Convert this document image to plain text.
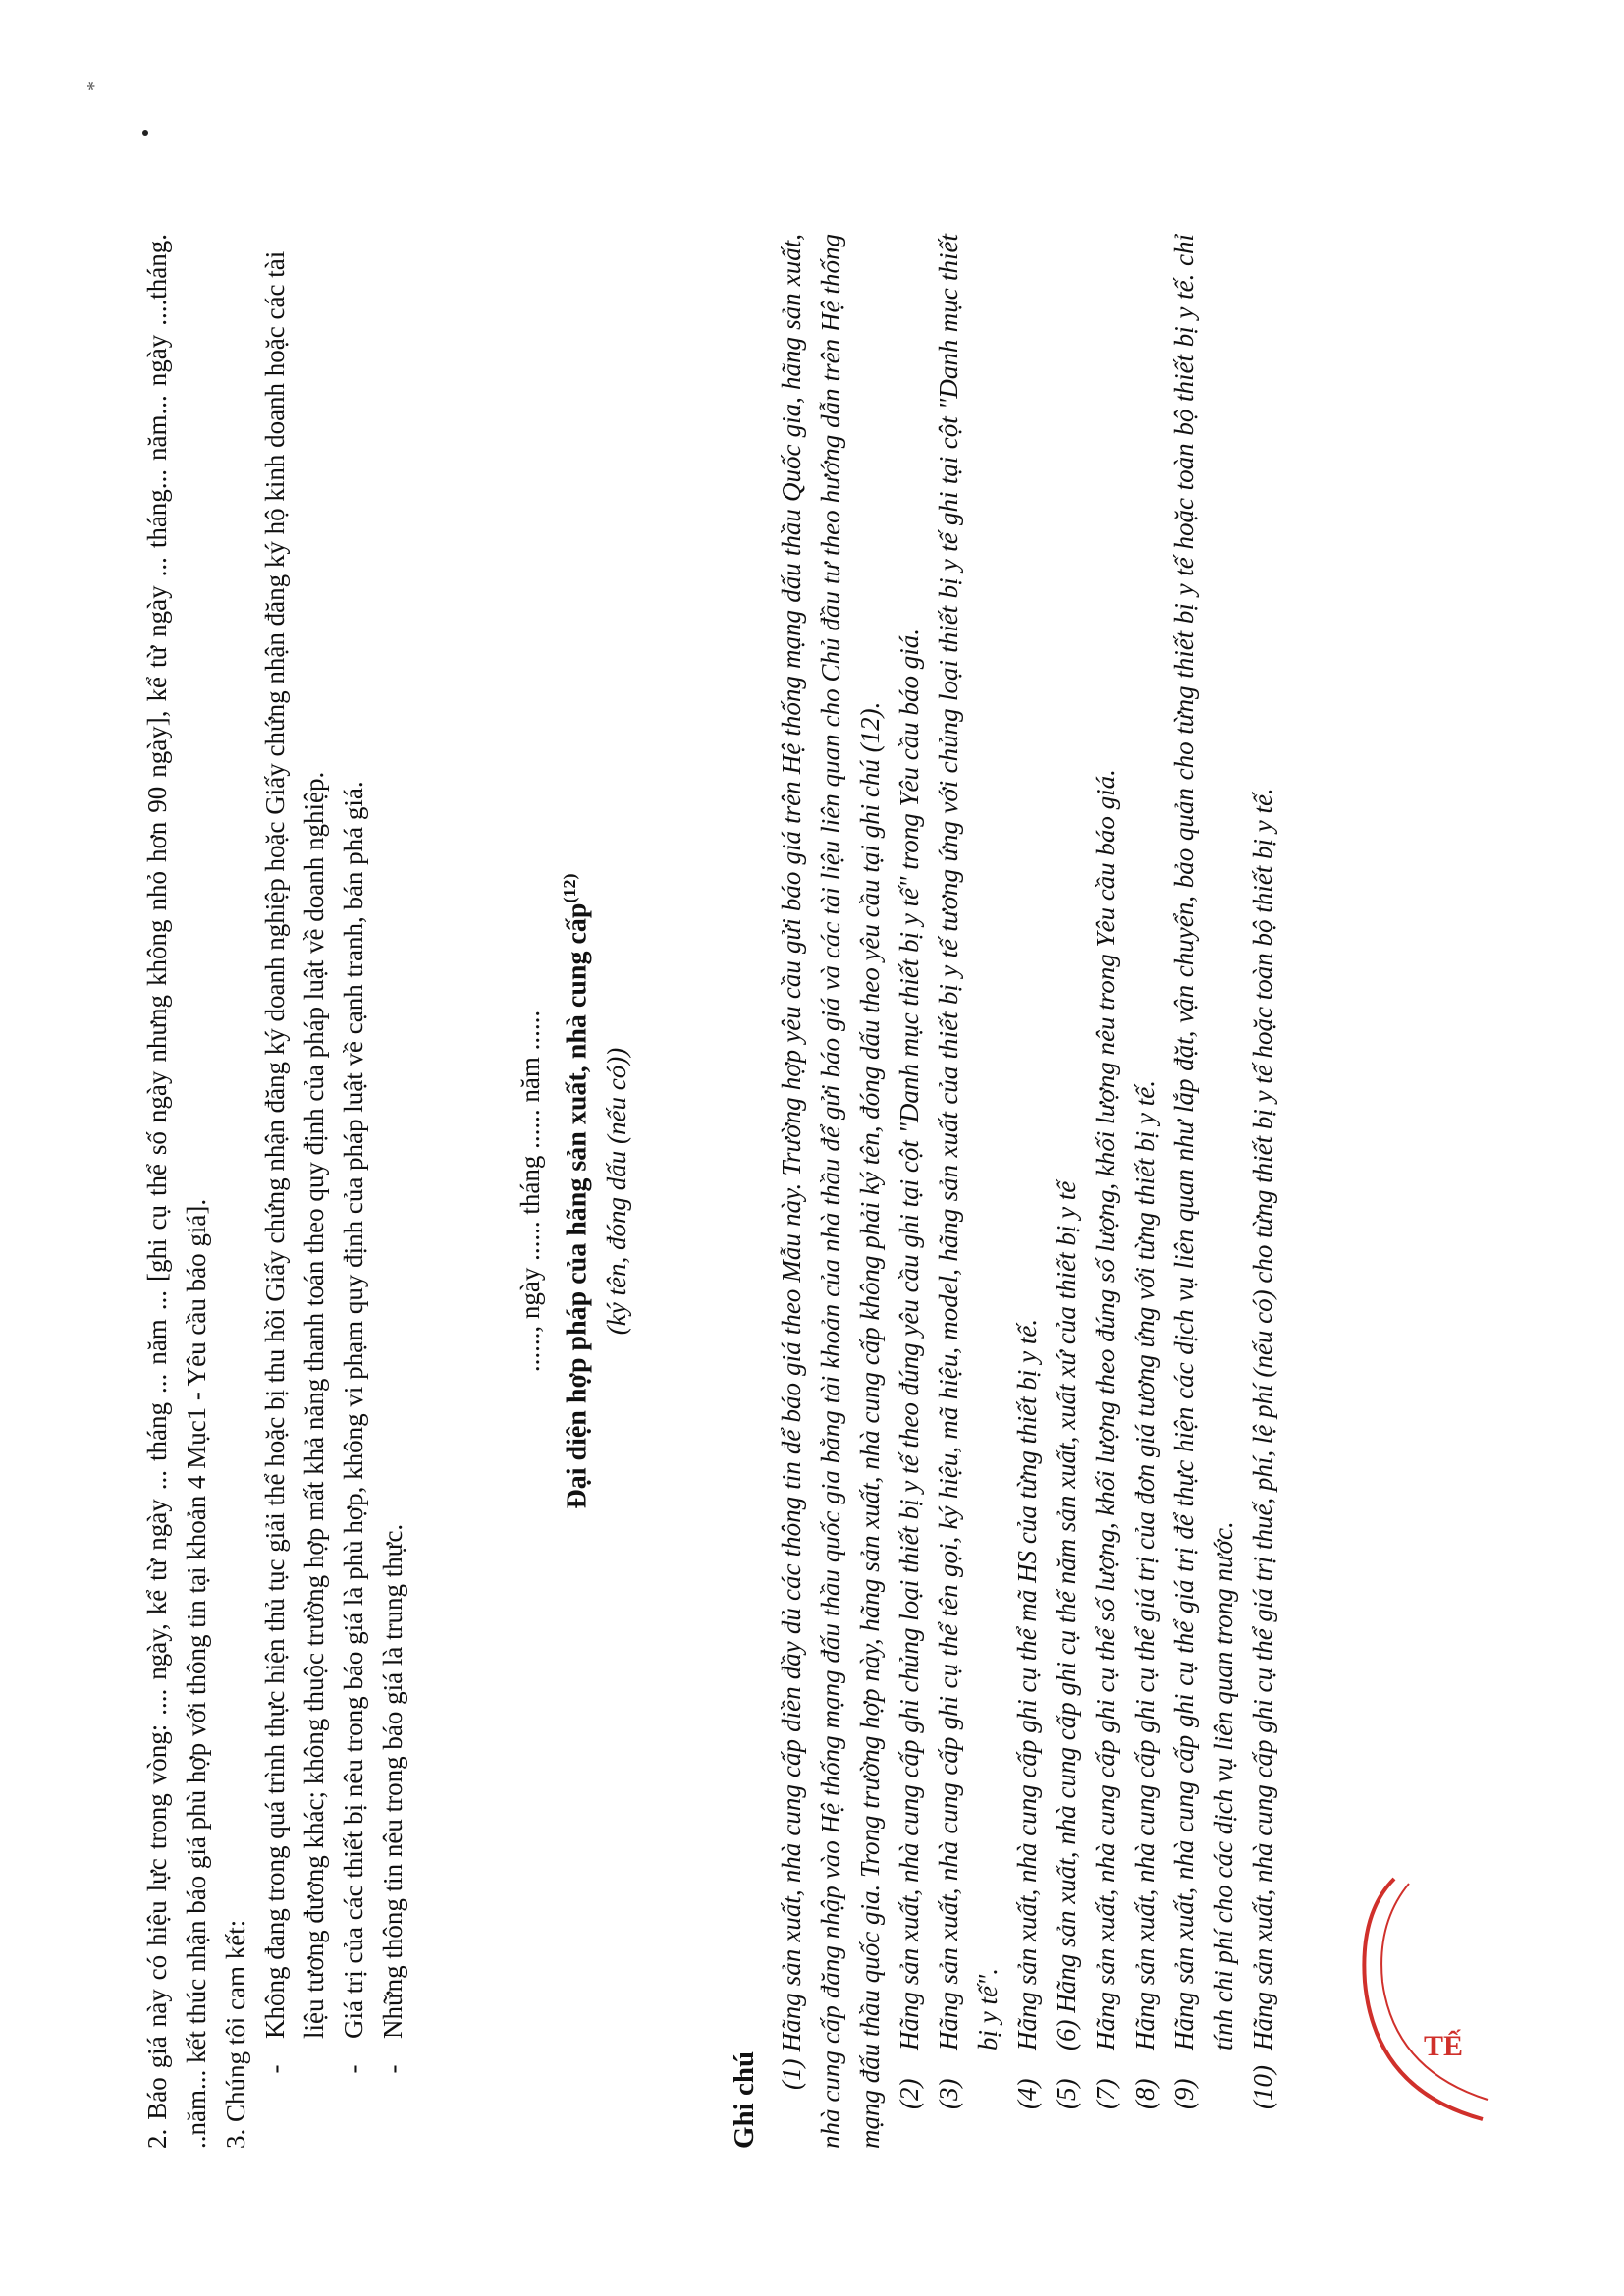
*

2. Báo giá này có hiệu lực trong vòng: .... ngày, kể từ ngày ... tháng ... năm ... [ghi cụ thể số ngày nhưng không nhỏ hơn 90 ngày], kể từ ngày ... tháng... năm... ngày ....tháng. ..năm... kết thúc nhận báo giá phù hợp với thông tin tại khoản 4 Mục1 - Yêu cầu báo giá]. 3. Chúng tôi cam kết: -
Không đang trong quá trình thực hiện thủ tục giải thể hoặc bị thu hồi Giấy chứng nhận đăng ký doanh nghiệp hoặc Giấy chứng nhận đăng ký hộ kinh doanh hoặc các tài liệu tương đương khác; không thuộc trường hợp mất khả năng thanh toán theo quy định của pháp luật về doanh nghiệp.
-
Giá trị của các thiết bị nêu trong báo giá là phù hợp, không vi phạm quy định của pháp luật về cạnh tranh, bán phá giá.
-
Những thông tin nêu trong báo giá là trung thực.
......, ngày ...... tháng ...... năm ...... Đại diện hợp pháp của hãng sản xuất, nhà cung cấp$^{(12)}$
(ký tên, đóng dấu (nếu có))
Ghi chú
(1) Hãng sản xuất, nhà cung cấp điền đầy đủ các thông tin để báo giá theo Mẫu này. Trường hợp yêu cầu gửi báo giá trên Hệ thống mạng đấu thầu Quốc gia, hãng sản xuất, nhà cung cấp đăng nhập vào Hệ thống mạng đấu thầu quốc gia bằng tài khoản của nhà thầu để gửi báo giá và các tài liệu liên quan cho Chủ đầu tư theo hướng dẫn trên Hệ thống mạng đấu thầu quốc gia. Trong trường hợp này, hãng sản xuất, nhà cung cấp không phải ký tên, đóng dấu theo yêu cầu tại ghi chú (12). (2)
Hãng sản xuất, nhà cung cấp ghi chủng loại thiết bị y tế theo đúng yêu cầu ghi tại cột "Danh mục thiết bị y tế" trong Yêu cầu báo giá.
(3)
Hãng sản xuất, nhà cung cấp ghi cụ thể tên gọi, ký hiệu, mã hiệu, model, hãng sản xuất của thiết bị y tế tương ứng với chủng loại thiết bị y tế ghi tại cột "Danh mục thiết bị y tế".
(4)
Hãng sản xuất, nhà cung cấp ghi cụ thể mã HS của từng thiết bị y tế.
(5)
(6) Hãng sản xuất, nhà cung cấp ghi cụ thể năm sản xuất, xuất xứ của thiết bị y tế
(7)
Hãng sản xuất, nhà cung cấp ghi cụ thể số lượng, khối lượng theo đúng số lượng, khối lượng nêu trong Yêu cầu báo giá.
(8)
Hãng sản xuất, nhà cung cấp ghi cụ thể giá trị của đơn giá tương ứng với từng thiết bị y tế.
(9)
Hãng sản xuất, nhà cung cấp ghi cụ thể giá trị để thực hiện các dịch vụ liên quan như lắp đặt, vận chuyển, bảo quản cho từng thiết bị y tế hoặc toàn bộ thiết bị y tế. chỉ tính chi phí cho các dịch vụ liên quan trong nước.
(10)
Hãng sản xuất, nhà cung cấp ghi cụ thể giá trị thuế, phí, lệ phí (nếu có) cho từng thiết bị y tế hoặc toàn bộ thiết bị y tế.	TẾ
